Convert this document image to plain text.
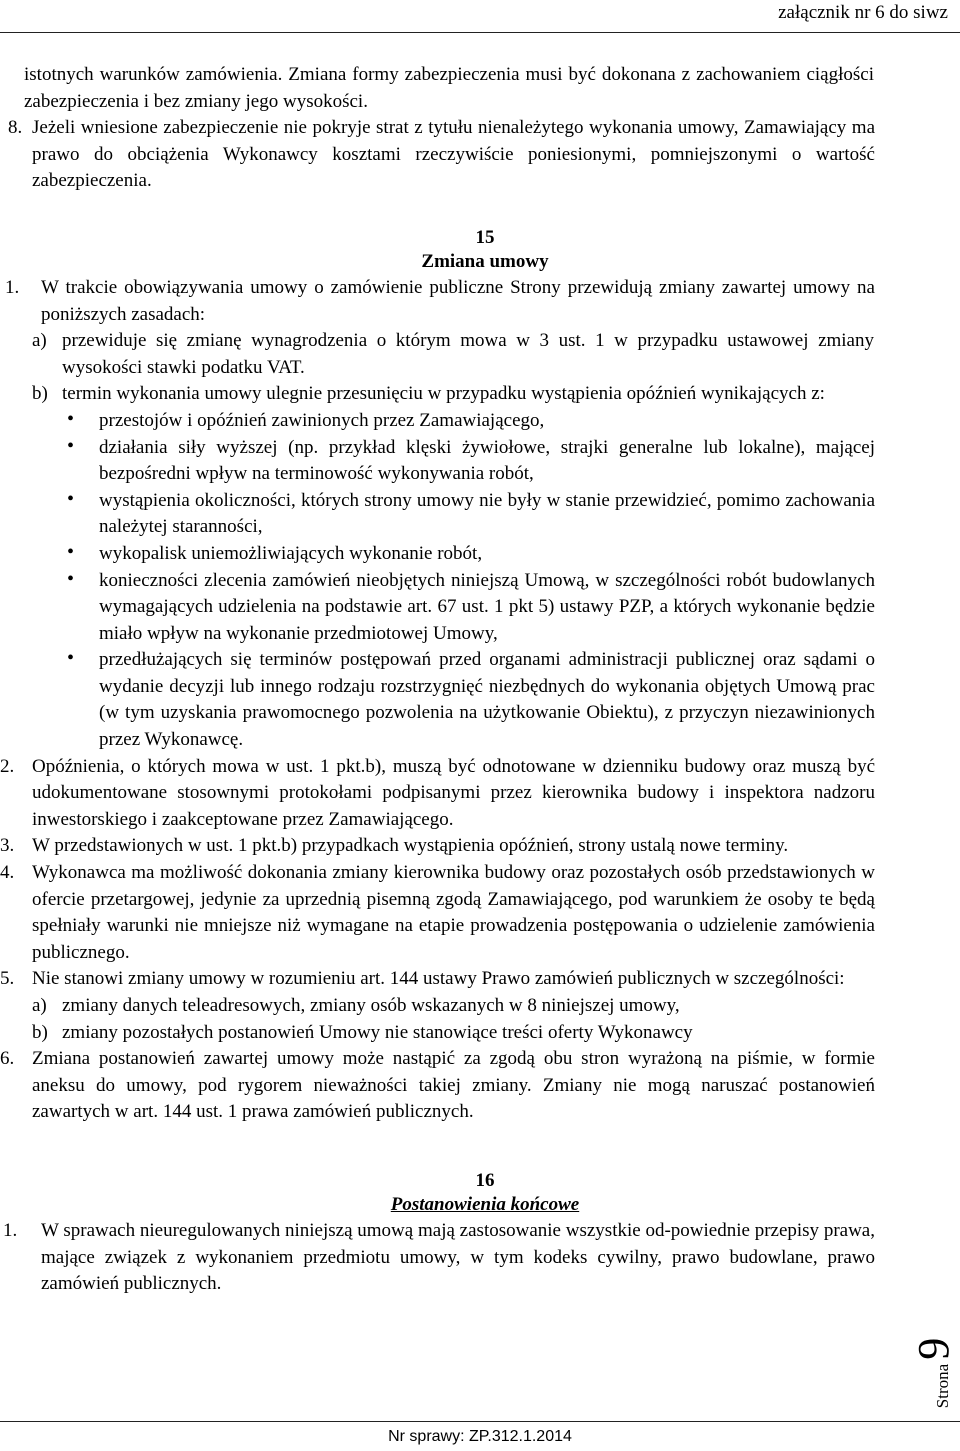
załącznik nr 6 do siwz

istotnych warunków zamówienia. Zmiana formy zabezpieczenia musi być dokonana z zachowaniem ciągłości zabezpieczenia i bez zmiany jego wysokości.

8. Jeżeli wniesione zabezpieczenie nie pokryje strat z tytułu nienależytego wykonania umowy, Zamawiający ma prawo do obciążenia Wykonawcy kosztami rzeczywiście poniesionymi, pomniejszonymi o wartość zabezpieczenia.
15
Zmiana umowy
1. W trakcie obowiązywania umowy o zamówienie publiczne Strony przewidują zmiany zawartej umowy na poniższych zasadach:
a) przewiduje się zmianę wynagrodzenia o którym mowa w 3 ust. 1 w przypadku ustawowej zmiany wysokości stawki podatku VAT.
b) termin wykonania umowy ulegnie przesunięciu w przypadku wystąpienia opóźnień wynikających z:
• przestojów i opóźnień zawinionych przez Zamawiającego,
• działania siły wyższej (np. przykład klęski żywiołowe, strajki generalne lub lokalne), mającej bezpośredni wpływ na terminowość wykonywania robót,
• wystąpienia okoliczności, których strony umowy nie były w stanie przewidzieć, pomimo zachowania należytej staranności,
• wykopalisk uniemożliwiających wykonanie robót,
• konieczności zlecenia zamówień nieobjętych niniejszą Umową, w szczególności robót budowlanych wymagających udzielenia na podstawie art. 67 ust. 1 pkt 5) ustawy PZP, a których wykonanie będzie miało wpływ na wykonanie przedmiotowej Umowy,
• przedłużających się terminów postępowań przed organami administracji publicznej oraz sądami o wydanie decyzji lub innego rodzaju rozstrzygnięć niezbędnych do wykonania objętych Umową prac (w tym uzyskania prawomocnego pozwolenia na użytkowanie Obiektu), z przyczyn niezawinionych przez Wykonawcę.
2. Opóźnienia, o których mowa w ust. 1 pkt.b), muszą być odnotowane w dzienniku budowy oraz muszą być udokumentowane stosownymi protokołami podpisanymi przez kierownika budowy i inspektora nadzoru inwestorskiego i zaakceptowane przez Zamawiającego.
3. W przedstawionych w ust. 1 pkt.b) przypadkach wystąpienia opóźnień, strony ustalą nowe terminy.
4. Wykonawca ma możliwość dokonania zmiany kierownika budowy oraz pozostałych osób przedstawionych w ofercie przetargowej, jedynie za uprzednią pisemną zgodą Zamawiającego, pod warunkiem że osoby te będą spełniały warunki nie mniejsze niż wymagane na etapie prowadzenia postępowania o udzielenie zamówienia publicznego.
5. Nie stanowi zmiany umowy w rozumieniu art. 144 ustawy Prawo zamówień publicznych w szczególności:
a) zmiany danych teleadresowych, zmiany osób wskazanych w 8 niniejszej umowy,
b) zmiany pozostałych postanowień Umowy nie stanowiące treści oferty Wykonawcy
6. Zmiana postanowień zawartej umowy może nastąpić za zgodą obu stron wyrażoną na piśmie, w formie aneksu do umowy, pod rygorem nieważności takiej zmiany. Zmiany nie mogą naruszać postanowień zawartych w art. 144 ust. 1 prawa zamówień publicznych.
16
Postanowienia końcowe
1. W sprawach nieuregulowanych niniejszą umową mają zastosowanie wszystkie od-powiednie przepisy prawa, mające związek z wykonaniem przedmiotu umowy, w tym kodeks cywilny, prawo budowlane, prawo zamówień publicznych.
Strona
9
Nr sprawy: ZP.312.1.2014
